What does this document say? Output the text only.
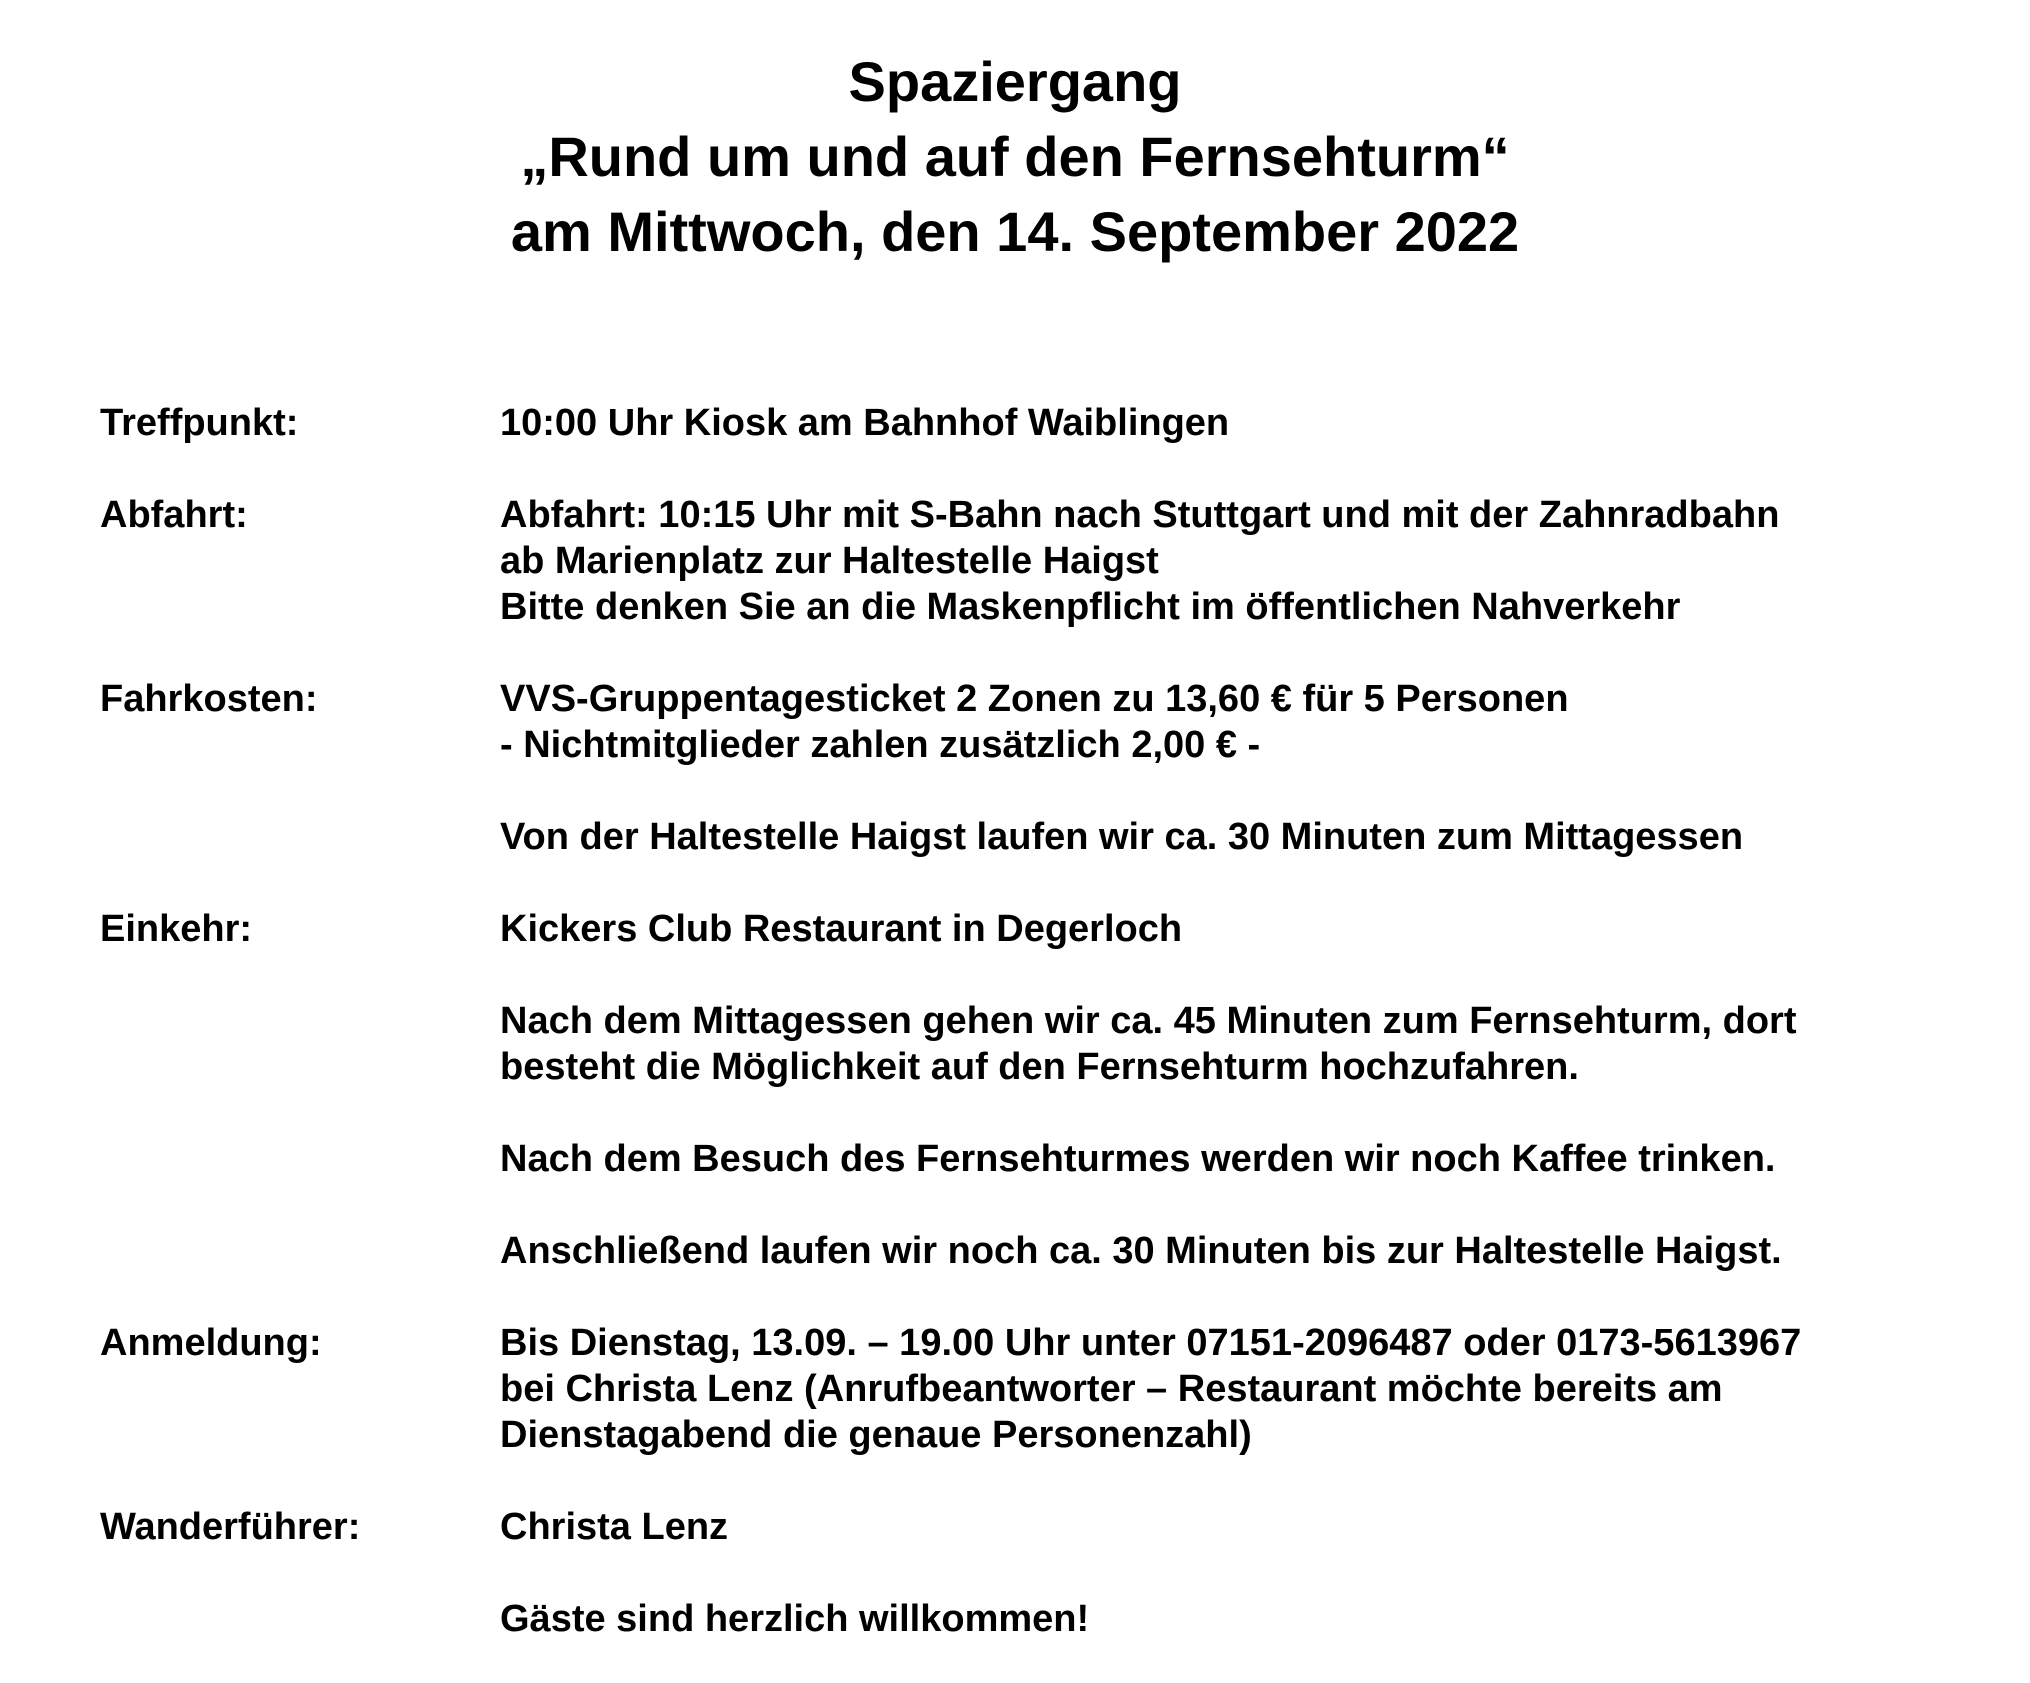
Spaziergang

„Rund um und auf den Fernsehturm“

am Mittwoch, den 14. September 2022

Treffpunkt:	10:00 Uhr Kiosk am Bahnhof Waiblingen
Abfahrt:	Abfahrt: 10:15 Uhr mit S-Bahn nach Stuttgart und mit der Zahnradbahn
ab Marienplatz zur Haltestelle Haigst
Bitte denken Sie an die Maskenpflicht im öffentlichen Nahverkehr
Fahrkosten:	VVS-Gruppentagesticket 2 Zonen zu 13,60 € für 5 Personen
- Nichtmitglieder zahlen zusätzlich 2,00 € -
Von der Haltestelle Haigst laufen wir ca. 30 Minuten zum Mittagessen
Einkehr:	Kickers Club Restaurant in Degerloch
Nach dem Mittagessen gehen wir ca. 45 Minuten zum Fernsehturm, dort
besteht die Möglichkeit auf den Fernsehturm hochzufahren.
Nach dem Besuch des Fernsehturmes werden wir noch Kaffee trinken.
Anschließend laufen wir noch ca. 30 Minuten bis zur Haltestelle Haigst.
Anmeldung:	Bis Dienstag, 13.09. – 19.00 Uhr unter 07151-2096487 oder 0173-5613967
bei Christa Lenz (Anrufbeantworter – Restaurant möchte bereits am
Dienstagabend die genaue Personenzahl)
Wanderführer:	Christa Lenz
Gäste sind herzlich willkommen!
